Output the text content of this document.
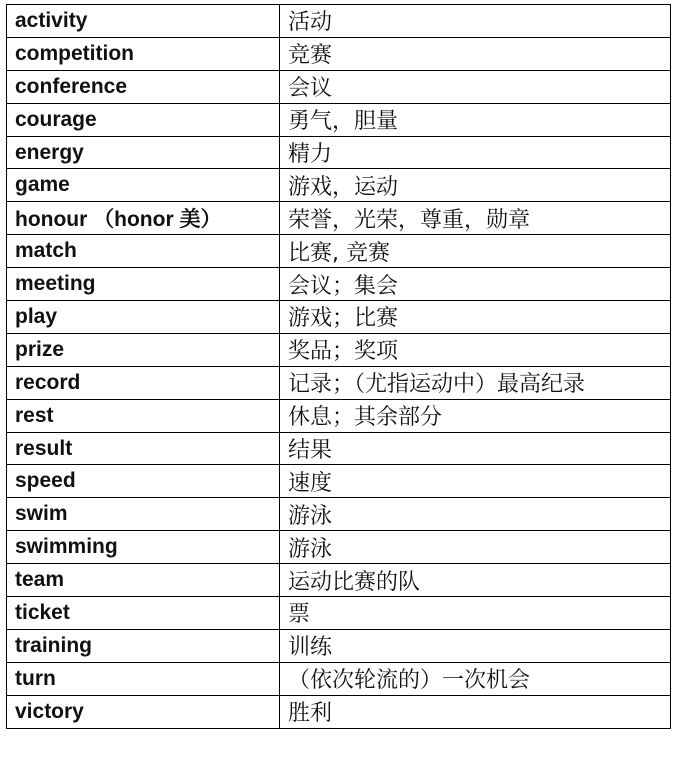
activity	活动
competition	竞赛
conference	会议
courage	勇气，胆量
energy	精力
game	游戏，运动
honour （honor 美）	荣誉，光荣，尊重，勋章
match	比赛, 竞赛
meeting	会议；集会
play	游戏；比赛
prize	奖品；奖项
record	记录；（尤指运动中）最高纪录
rest	休息；其余部分
result	结果
speed	速度
swim	游泳
swimming	游泳
team	运动比赛的队
ticket	票
training	训练
turn	（依次轮流的）一次机会
victory	胜利
